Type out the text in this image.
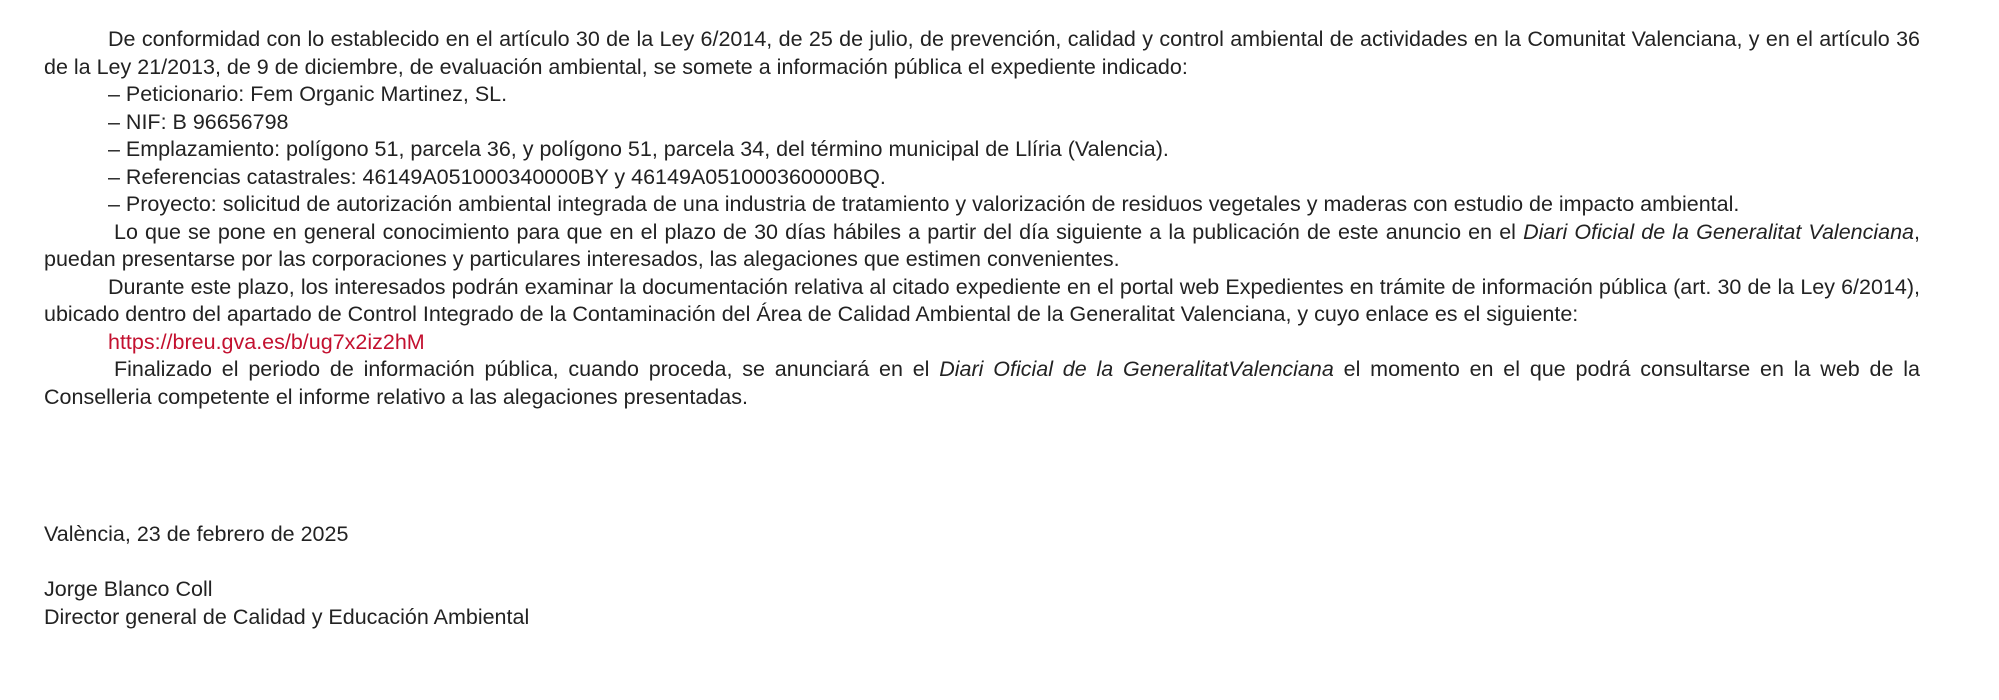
De conformidad con lo establecido en el artículo 30 de la Ley 6/2014, de 25 de julio, de prevención, calidad y control ambiental de actividades en la Comunitat Valenciana, y en el artículo 36 de la Ley 21/2013, de 9 de diciembre, de evaluación ambiental, se somete a información pública el expediente indicado:

– Peticionario: Fem Organic Martinez, SL.

– NIF: B 96656798

– Emplazamiento: polígono 51, parcela 36, y polígono 51, parcela 34, del término municipal de Llíria (Valencia).

– Referencias catastrales: 46149A051000340000BY y 46149A051000360000BQ.

– Proyecto: solicitud de autorización ambiental integrada de una industria de tratamiento y valorización de residuos vegetales y maderas con estudio de impacto ambiental.

Lo que se pone en general conocimiento para que en el plazo de 30 días hábiles a partir del día siguiente a la publicación de este anuncio en el Diari Oficial de la Generalitat Valenciana, puedan presentarse por las corporaciones y particulares interesados, las alegaciones que estimen convenientes.

Durante este plazo, los interesados podrán examinar la documentación relativa al citado expediente en el portal web Expedientes en trámite de información pública (art. 30 de la Ley 6/2014), ubicado dentro del apartado de Control Integrado de la Contaminación del Área de Calidad Ambiental de la Generalitat Valenciana, y cuyo enlace es el siguiente:

https://breu.gva.es/b/ug7x2iz2hM

Finalizado el periodo de información pública, cuando proceda, se anunciará en el Diari Oficial de la GeneralitatValenciana el momento en el que podrá consultarse en la web de la Conselleria competente el informe relativo a las alegaciones presentadas.

València, 23 de febrero de 2025

Jorge Blanco Coll

Director general de Calidad y Educación Ambiental
